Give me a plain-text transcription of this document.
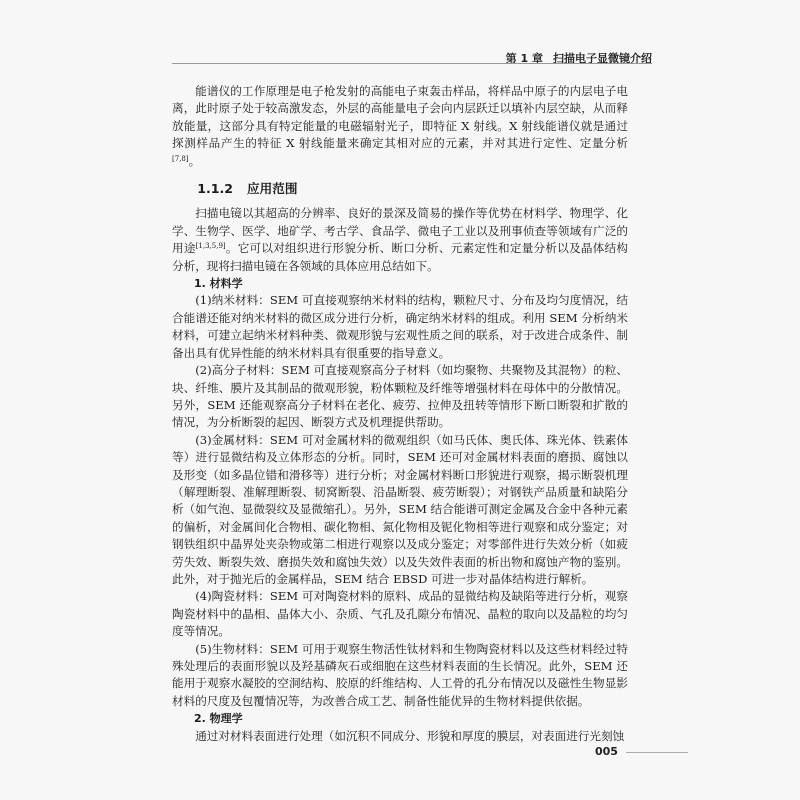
第 1 章 扫描电子显微镜介绍

能谱仪的工作原理是电子枪发射的高能电子束轰击样品，将样品中原子的内层电子电离，此时原子处于较高激发态，外层的高能量电子会向内层跃迁以填补内层空缺，从而释放能量，这部分具有特定能量的电磁辐射光子，即特征 X 射线。X 射线能谱仪就是通过探测样品产生的特征 X 射线能量来确定其相对应的元素，并对其进行定性、定量分析[7,8]。

1.1.2 应用范围

扫描电镜以其超高的分辨率、良好的景深及简易的操作等优势在材料学、物理学、化学、生物学、医学、地矿学、考古学、食品学、微电子工业以及刑事侦查等领域有广泛的用途[1,3,5,9]。它可以对组织进行形貌分析、断口分析、元素定性和定量分析以及晶体结构分析，现将扫描电镜在各领域的具体应用总结如下。

1. 材料学

(1)纳米材料：SEM 可直接观察纳米材料的结构，颗粒尺寸、分布及均匀度情况，结合能谱还能对纳米材料的微区成分进行分析，确定纳米材料的组成。利用 SEM 分析纳米材料，可建立起纳米材料种类、微观形貌与宏观性质之间的联系，对于改进合成条件、制备出具有优异性能的纳米材料具有很重要的指导意义。

(2)高分子材料：SEM 可直接观察高分子材料（如均聚物、共聚物及其混物）的粒、块、纤维、膜片及其制品的微观形貌，粉体颗粒及纤维等增强材料在母体中的分散情况。另外，SEM 还能观察高分子材料在老化、疲劳、拉伸及扭转等情形下断口断裂和扩散的情况，为分析断裂的起因、断裂方式及机理提供帮助。

(3)金属材料：SEM 可对金属材料的微观组织（如马氏体、奥氏体、珠光体、铁素体等）进行显微结构及立体形态的分析。同时，SEM 还可对金属材料表面的磨损、腐蚀以及形变（如多晶位错和滑移等）进行分析；对金属材料断口形貌进行观察，揭示断裂机理（解理断裂、准解理断裂、韧窝断裂、沿晶断裂、疲劳断裂）；对钢铁产品质量和缺陷分析（如气泡、显微裂纹及显微缩孔）。另外，SEM 结合能谱可测定金属及合金中各种元素的偏析，对金属间化合物相、碳化物相、氮化物相及铌化物相等进行观察和成分鉴定；对钢铁组织中晶界处夹杂物或第二相进行观察以及成分鉴定；对零部件进行失效分析（如疲劳失效、断裂失效、磨损失效和腐蚀失效）以及失效件表面的析出物和腐蚀产物的鉴别。此外，对于抛光后的金属样品，SEM 结合 EBSD 可进一步对晶体结构进行解析。

(4)陶瓷材料：SEM 可对陶瓷材料的原料、成品的显微结构及缺陷等进行分析，观察陶瓷材料中的晶相、晶体大小、杂质、气孔及孔隙分布情况、晶粒的取向以及晶粒的均匀度等情况。

(5)生物材料：SEM 可用于观察生物活性钛材料和生物陶瓷材料以及这些材料经过特殊处理后的表面形貌以及羟基磷灰石或细胞在这些材料表面的生长情况。此外，SEM 还能用于观察水凝胶的空洞结构、胶原的纤维结构、人工骨的孔分布情况以及磁性生物显影材料的尺度及包覆情况等，为改善合成工艺、制备性能优异的生物材料提供依据。

2. 物理学

通过对材料表面进行处理（如沉积不同成分、形貌和厚度的膜层，对表面进行光刻蚀

005
